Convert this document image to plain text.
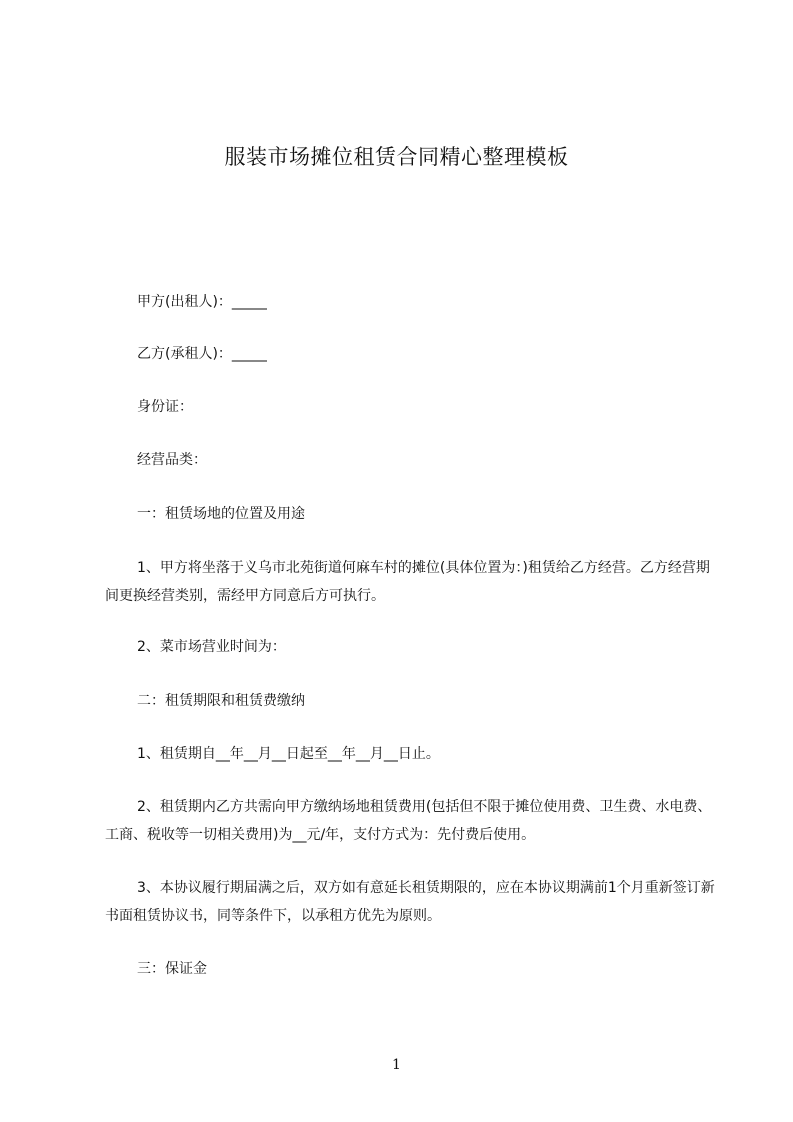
服装市场摊位租赁合同精心整理模板
甲方(出租人)：_____
乙方(承租人)：_____
身份证：
经营品类：
一：租赁场地的位置及用途
1、甲方将坐落于义乌市北苑街道何麻车村的摊位(具体位置为：)租赁给乙方经营。乙方经营期间更换经营类别，需经甲方同意后方可执行。
2、菜市场营业时间为：
二：租赁期限和租赁费缴纳
1、租赁期自__年__月__日起至__年__月__日止。
2、租赁期内乙方共需向甲方缴纳场地租赁费用(包括但不限于摊位使用费、卫生费、水电费、工商、税收等一切相关费用)为__元/年，支付方式为：先付费后使用。
3、本协议履行期届满之后，双方如有意延长租赁期限的，应在本协议期满前1个月重新签订新书面租赁协议书，同等条件下，以承租方优先为原则。
三：保证金
1
